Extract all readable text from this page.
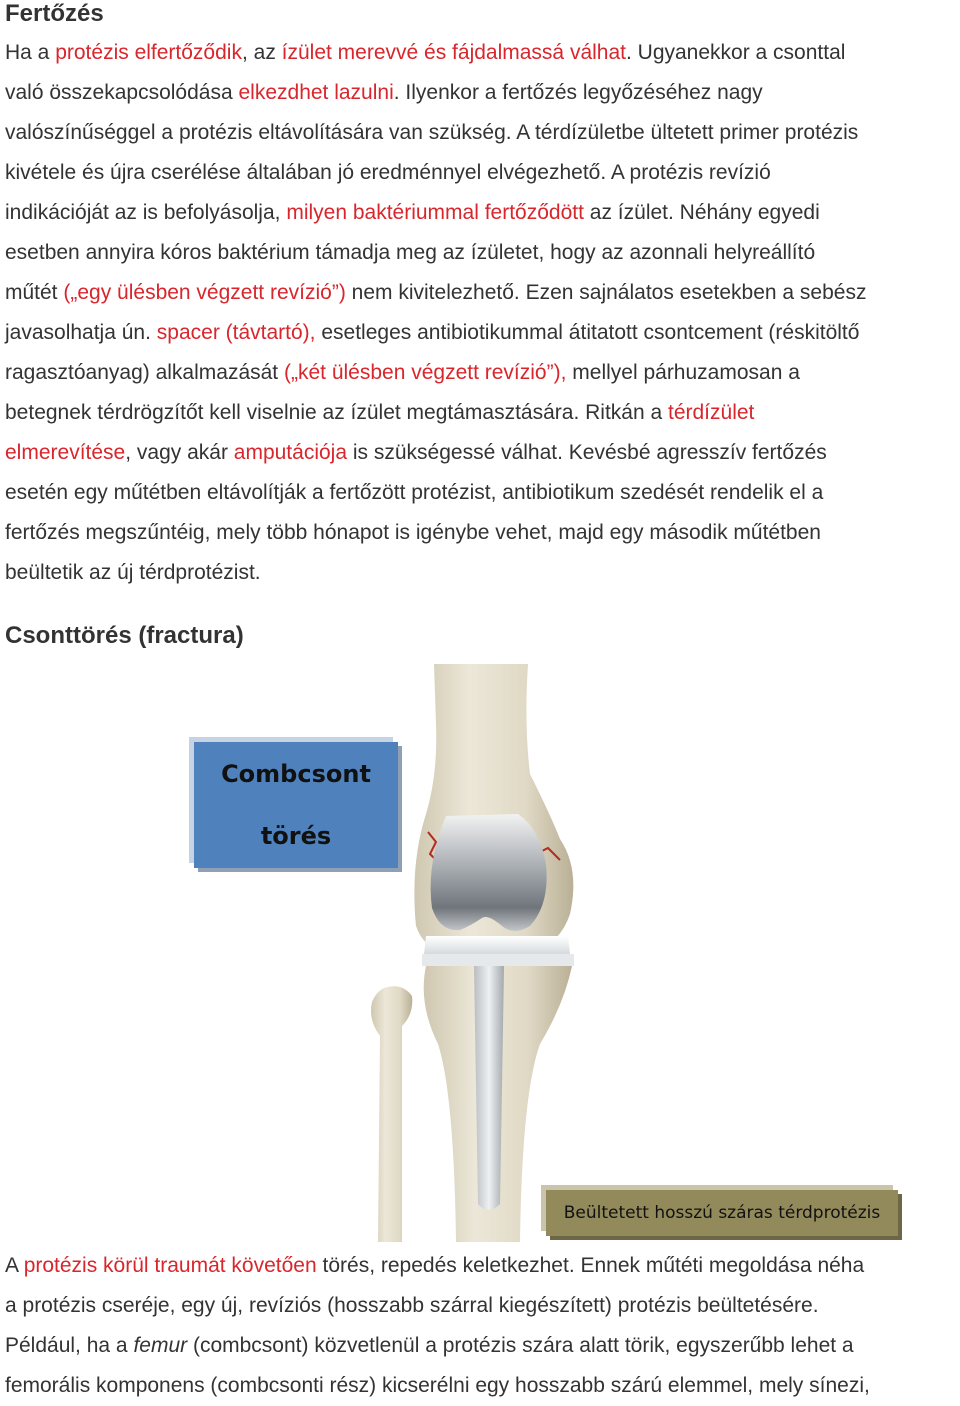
Fertőzés
Ha a protézis elfertőződik, az ízület merevvé és fájdalmassá válhat. Ugyanekkor a csonttal
való összekapcsolódása elkezdhet lazulni. Ilyenkor a fertőzés legyőzéséhez nagy
valószínűséggel a protézis eltávolítására van szükség. A térdízületbe ültetett primer protézis
kivétele és újra cserélése általában jó eredménnyel elvégezhető. A protézis revízió
indikációját az is befolyásolja, milyen baktériummal fertőződött az ízület. Néhány egyedi
esetben annyira kóros baktérium támadja meg az ízületet, hogy az azonnali helyreállító
műtét („egy ülésben végzett revízió”) nem kivitelezhető. Ezen sajnálatos esetekben a sebész
javasolhatja ún. spacer (távtartó), esetleges antibiotikummal átitatott csontcement (réskitöltő
ragasztóanyag) alkalmazását („két ülésben végzett revízió”), mellyel párhuzamosan a
betegnek térdrögzítőt kell viselnie az ízület megtámasztására. Ritkán a térdízület
elmerevítése, vagy akár amputációja is szükségessé válhat. Kevésbé agresszív fertőzés
esetén egy műtétben eltávolítják a fertőzött protézist, antibiotikum szedését rendelik el a
fertőzés megszűntéig, mely több hónapot is igénybe vehet, majd egy második műtétben
beültetik az új térdprotézist.
Csonttörés (fractura)
Combcsont
törés
Beültetett hosszú száras térdprotézis
A protézis körül traumát követően törés, repedés keletkezhet. Ennek műtéti megoldása néha
a protézis cseréje, egy új, revíziós (hosszabb szárral kiegészített) protézis beültetésére.
Például, ha a femur (combcsont) közvetlenül a protézis szára alatt törik, egyszerűbb lehet a
femorális komponens (combcsonti rész) kicserélni egy hosszabb szárú elemmel, mely sínezi,
